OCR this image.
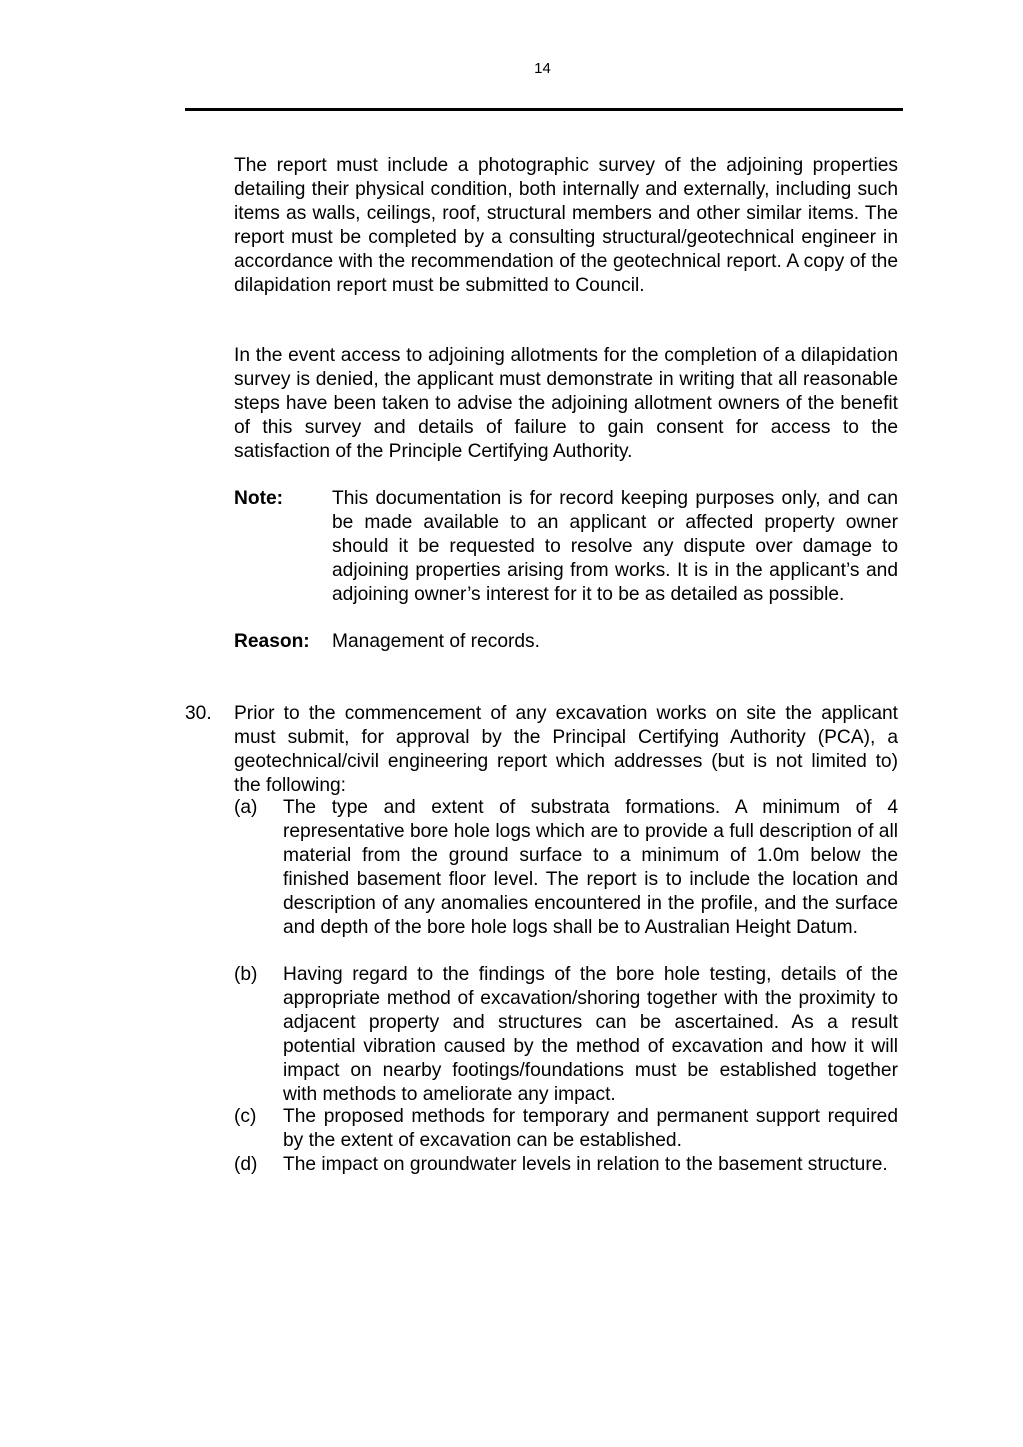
14

The report must include a photographic survey of the adjoining properties detailing their physical condition, both internally and externally, including such items as walls, ceilings, roof, structural members and other similar items. The report must be completed by a consulting structural/geotechnical engineer in accordance with the recommendation of the geotechnical report. A copy of the dilapidation report must be submitted to Council.

In the event access to adjoining allotments for the completion of a dilapidation survey is denied, the applicant must demonstrate in writing that all reasonable steps have been taken to advise the adjoining allotment owners of the benefit of this survey and details of failure to gain consent for access to the satisfaction of the Principle Certifying Authority.

Note:	This documentation is for record keeping purposes only, and can be made available to an applicant or affected property owner should it be requested to resolve any dispute over damage to adjoining properties arising from works. It is in the applicant’s and adjoining owner’s interest for it to be as detailed as possible.
Reason: Management of records.
30. Prior to the commencement of any excavation works on site the applicant must submit, for approval by the Principal Certifying Authority (PCA), a geotechnical/civil engineering report which addresses (but is not limited to) the following:
(a) The type and extent of substrata formations. A minimum of 4 representative bore hole logs which are to provide a full description of all material from the ground surface to a minimum of 1.0m below the finished basement floor level. The report is to include the location and description of any anomalies encountered in the profile, and the surface and depth of the bore hole logs shall be to Australian Height Datum.
(b) Having regard to the findings of the bore hole testing, details of the appropriate method of excavation/shoring together with the proximity to adjacent property and structures can be ascertained. As a result potential vibration caused by the method of excavation and how it will impact on nearby footings/foundations must be established together with methods to ameliorate any impact.
(c) The proposed methods for temporary and permanent support required by the extent of excavation can be established.
(d) The impact on groundwater levels in relation to the basement structure.
